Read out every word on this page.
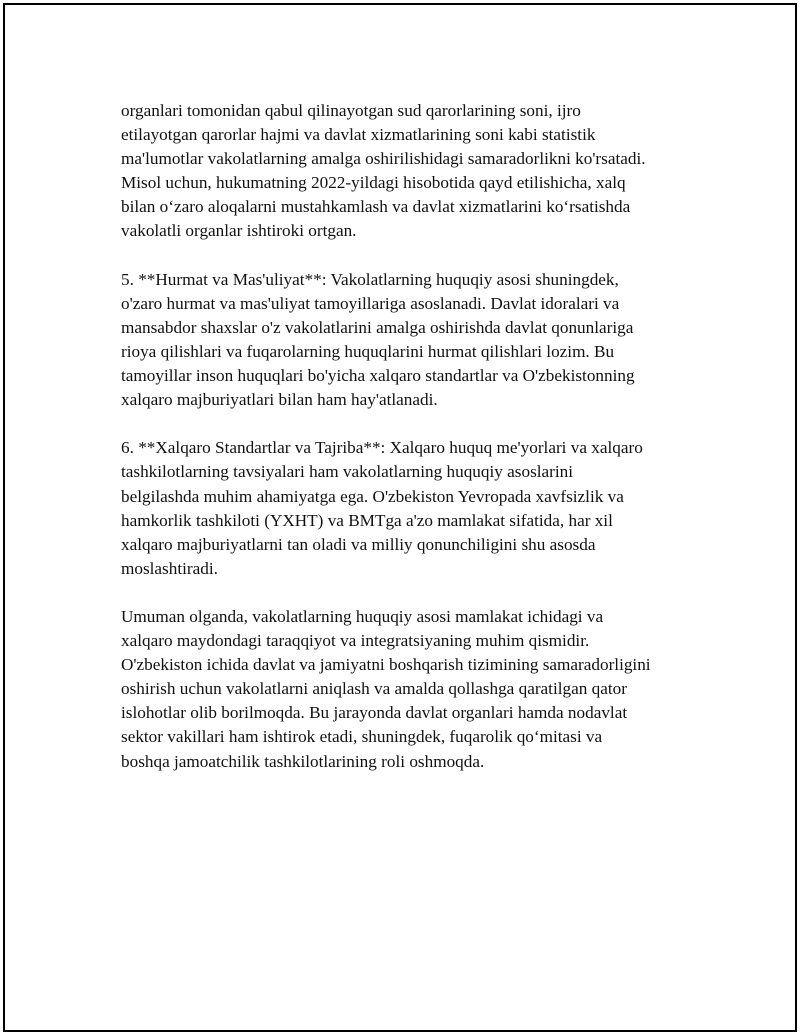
organlari tomonidan qabul qilinayotgan sud qarorlarining soni, ijro
etilayotgan qarorlar hajmi va davlat xizmatlarining soni kabi statistik
ma'lumotlar vakolatlarning amalga oshirilishidagi samaradorlikni ko'rsatadi.
Misol uchun, hukumatning 2022-yildagi hisobotida qayd etilishicha, xalq
bilan o‘zaro aloqalarni mustahkamlash va davlat xizmatlarini ko‘rsatishda
vakolatli organlar ishtiroki ortgan.

5. **Hurmat va Mas'uliyat**: Vakolatlarning huquqiy asosi shuningdek,
o'zaro hurmat va mas'uliyat tamoyillariga asoslanadi. Davlat idoralari va
mansabdor shaxslar o'z vakolatlarini amalga oshirishda davlat qonunlariga
rioya qilishlari va fuqarolarning huquqlarini hurmat qilishlari lozim. Bu
tamoyillar inson huquqlari bo'yicha xalqaro standartlar va O'zbekistonning
xalqaro majburiyatlari bilan ham hay'atlanadi.

6. **Xalqaro Standartlar va Tajriba**: Xalqaro huquq me'yorlari va xalqaro
tashkilotlarning tavsiyalari ham vakolatlarning huquqiy asoslarini
belgilashda muhim ahamiyatga ega. O'zbekiston Yevropada xavfsizlik va
hamkorlik tashkiloti (YXHT) va BMTga a'zo mamlakat sifatida, har xil
xalqaro majburiyatlarni tan oladi va milliy qonunchiligini shu asosda
moslashtiradi.

Umuman olganda, vakolatlarning huquqiy asosi mamlakat ichidagi va
xalqaro maydondagi taraqqiyot va integratsiyaning muhim qismidir.
O'zbekiston ichida davlat va jamiyatni boshqarish tizimining samaradorligini
oshirish uchun vakolatlarni aniqlash va amalda qollashga qaratilgan qator
islohotlar olib borilmoqda. Bu jarayonda davlat organlari hamda nodavlat
sektor vakillari ham ishtirok etadi, shuningdek, fuqarolik qo‘mitasi va
boshqa jamoatchilik tashkilotlarining roli oshmoqda.
